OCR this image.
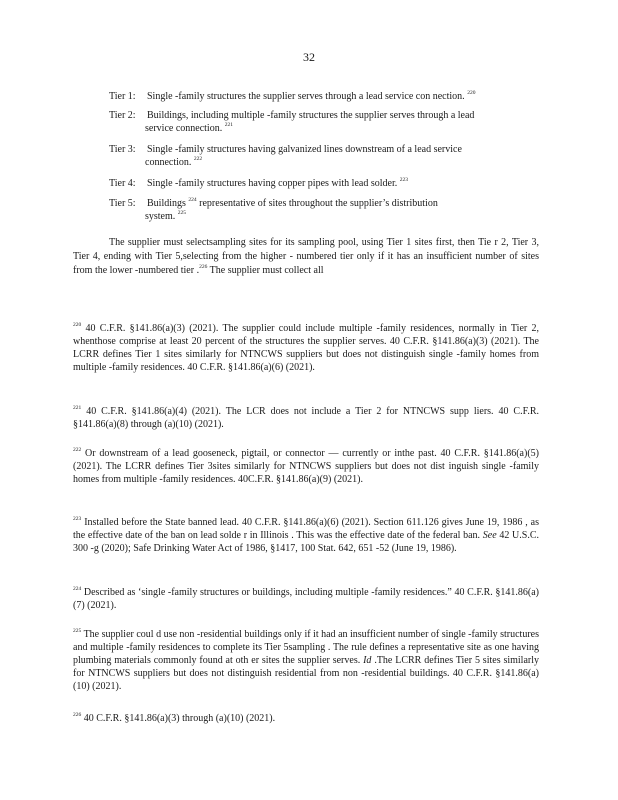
32
Tier 1: Single -family structures the supplier serves through a lead service con nection. $^{220}$
Tier 2: Buildings, including multiple -family structures the supplier serves through a lead
service connection. $^{221}$
Tier 3: Single -family structures having galvanized lines downstream of a lead service
connection. $^{222}$
Tier 4: Single -family structures having copper pipes with lead solder. $^{223}$
Tier 5: Buildings $^{224}$ representative of sites throughout the supplier’s distribution
system. $^{225}$
The supplier must selectsampling sites for its sampling pool, using Tier 1 sites first, then Tie r 2, Tier 3, Tier 4, ending with Tier 5,selecting from the higher - numbered tier only if it has an insufficient number of sites from the lower -numbered tier .$^{226}$ The supplier must collect all
$^{220}$ 40 C.F.R. §141.86(a)(3) (2021). The supplier could include multiple -family residences, normally in Tier 2, whenthose comprise at least 20 percent of the structures the supplier serves. 40 C.F.R. §141.86(a)(3) (2021). The LCRR defines Tier 1 sites similarly for NTNCWS suppliers but does not distinguish single -family homes from multiple -family residences. 40 C.F.R. §141.86(a)(6) (2021).
$^{221}$ 40 C.F.R. §141.86(a)(4) (2021). The LCR does not include a Tier 2 for NTNCWS supp liers. 40 C.F.R. §141.86(a)(8) through (a)(10) (2021).
$^{222}$ Or downstream of a lead gooseneck, pigtail, or connector — currently or inthe past. 40 C.F.R. §141.86(a)(5) (2021). The LCRR defines Tier 3sites similarly for NTNCWS suppliers but does not dist inguish single -family homes from multiple -family residences. 40C.F.R. §141.86(a)(9) (2021).
$^{223}$ Installed before the State banned lead. 40 C.F.R. §141.86(a)(6) (2021). Section 611.126 gives June 19, 1986 , as the effective date of the ban on lead solde r in Illinois . This was the effective date of the federal ban. See 42 U.S.C. 300 -g (2020); Safe Drinking Water Act of 1986, §1417, 100 Stat. 642, 651 -52 (June 19, 1986).
$^{224}$ Described as ‘single -family structures or buildings, including multiple -family residences.” 40 C.F.R. §141.86(a)(7) (2021).
$^{225}$ The supplier coul d use non -residential buildings only if it had an insufficient number of single -family structures and multiple -family residences to complete its Tier 5sampling . The rule defines a representative site as one having plumbing materials commonly found at oth er sites the supplier serves. Id .The LCRR defines Tier 5 sites similarly for NTNCWS suppliers but does not distinguish residential from non -residential buildings. 40 C.F.R. §141.86(a)(10) (2021).
$^{226}$ 40 C.F.R. §141.86(a)(3) through (a)(10) (2021).
